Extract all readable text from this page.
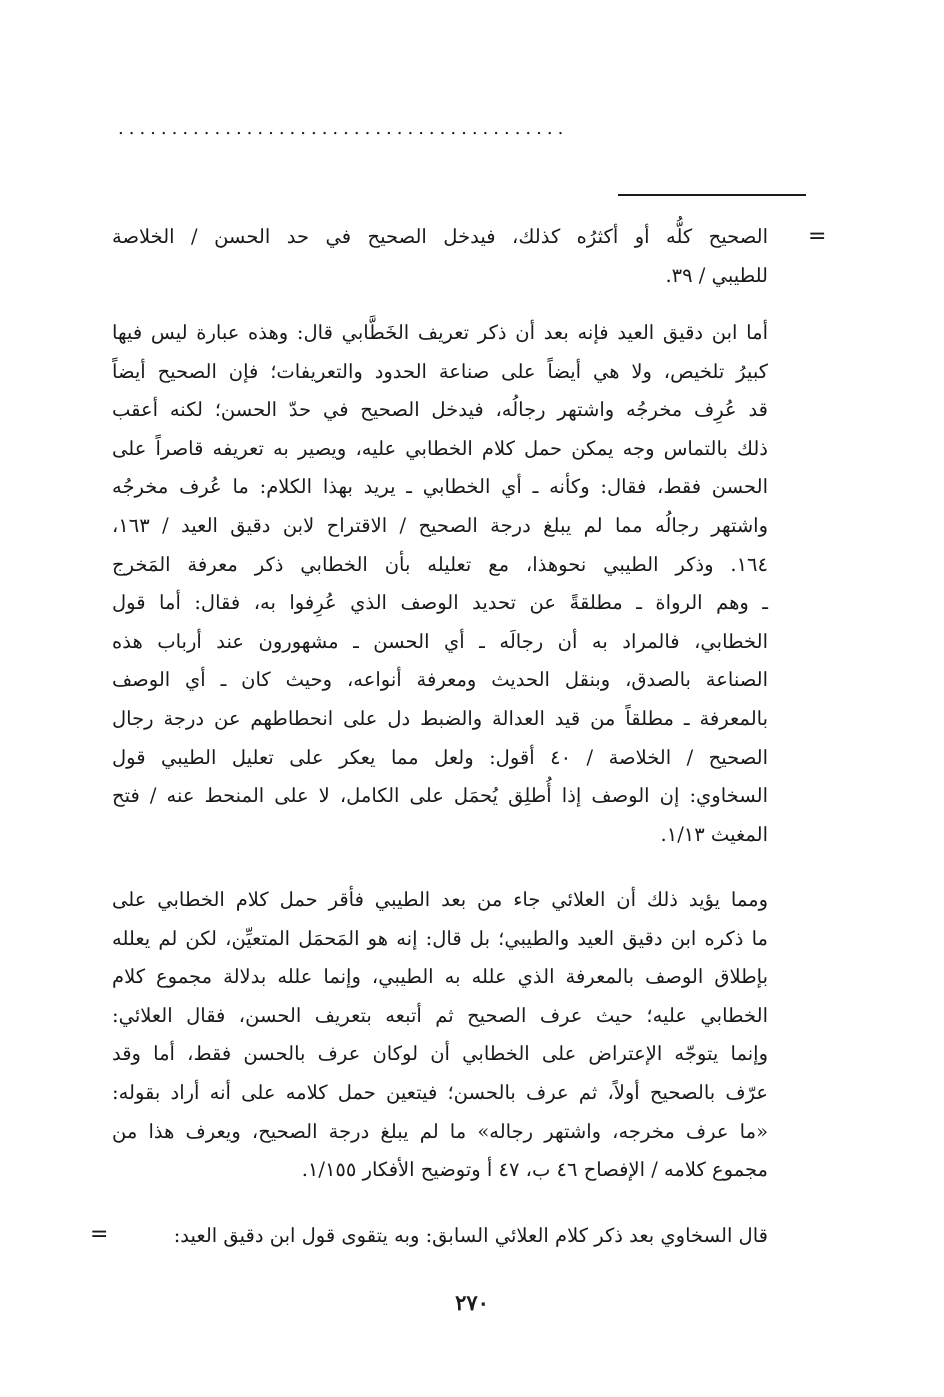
..........................................
=
الصحيح كلُّه أو أكثرُه كذلك، فيدخل الصحيح في حد الحسن / الخلاصة
للطيبي / ٣٩.
أما ابن دقيق العيد فإنه بعد أن ذكر تعريف الخَطَّابي قال: وهذه عبارة ليس فيها
كبيرُ تلخيص، ولا هي أيضاً على صناعة الحدود والتعريفات؛ فإن الصحيح أيضاً
قد عُرِف مخرجُه واشتهر رجالُه، فيدخل الصحيح في حدّ الحسن؛ لكنه أعقب
ذلك بالتماس وجه يمكن حمل كلام الخطابي عليه، ويصير به تعريفه قاصراً على
الحسن فقط، فقال: وكأنه ـ أي الخطابي ـ يريد بهذا الكلام: ما عُرف مخرجُه
واشتهر رجالُه مما لم يبلغ درجة الصحيح / الاقتراح لابن دقيق العيد / ١٦٣،
١٦٤. وذكر الطيبي نحوهذا، مع تعليله بأن الخطابي ذكر معرفة المَخرج
ـ وهم الرواة ـ مطلقةً عن تحديد الوصف الذي عُرِفوا به، فقال: أما قول
الخطابي، فالمراد به أن رجالَه ـ أي الحسن ـ مشهورون عند أرباب هذه
الصناعة بالصدق، وبنقل الحديث ومعرفة أنواعه، وحيث كان ـ أي الوصف
بالمعرفة ـ مطلقاً من قيد العدالة والضبط دل على انحطاطهم عن درجة رجال
الصحيح / الخلاصة / ٤٠ أقول: ولعل مما يعكر على تعليل الطيبي قول
السخاوي: إن الوصف إذا أُطلِق يُحمَل على الكامل، لا على المنحط عنه / فتح
المغيث ١/١٣.
ومما يؤيد ذلك أن العلائي جاء من بعد الطيبي فأقر حمل كلام الخطابي على
ما ذكره ابن دقيق العيد والطيبي؛ بل قال: إنه هو المَحمَل المتعيِّن، لكن لم يعلله
بإطلاق الوصف بالمعرفة الذي علله به الطيبي، وإنما علله بدلالة مجموع كلام
الخطابي عليه؛ حيث عرف الصحيح ثم أتبعه بتعريف الحسن، فقال العلائي:
وإنما يتوجّه الإعتراض على الخطابي أن لوكان عرف بالحسن فقط، أما وقد
عرّف بالصحيح أولاً، ثم عرف بالحسن؛ فيتعين حمل كلامه على أنه أراد بقوله:
«ما عرف مخرجه، واشتهر رجاله» ما لم يبلغ درجة الصحيح، ويعرف هذا من
مجموع كلامه / الإفصاح ٤٦ ب، ٤٧ أ وتوضيح الأفكار ١/١٥٥.
قال السخاوي بعد ذكر كلام العلائي السابق: وبه يتقوى قول ابن دقيق العيد:
=
٢٧٠
